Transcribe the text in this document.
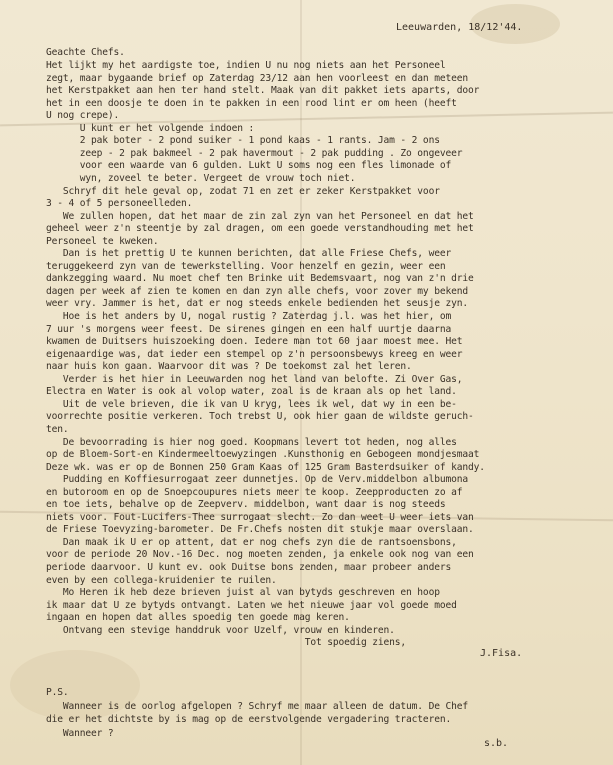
Leeuwarden, 18/12'44.
Geachte Chefs.
Het lijkt my het aardigste toe, indien U nu nog niets aan het Personeel
zegt, maar bygaande brief op Zaterdag 23/12 aan hen voorleest en dan meteen
het Kerstpakket aan hen ter hand stelt. Maak van dit pakket iets aparts, door
het in een doosje te doen in te pakken in een rood lint er om heen (heeft
U nog crepe).
U kunt er het volgende indoen :
2 pak boter - 2 pond suiker - 1 pond kaas - 1 rants. Jam - 2 ons
zeep - 2 pak bakmeel - 2 pak havermout - 2 pak pudding . Zo ongeveer
voor een waarde van 6 gulden. Lukt U soms nog een fles limonade of
wyn, zoveel te beter. Vergeet de vrouw toch niet.
Schryf dit hele geval op, zodat 71 en zet er zeker Kerstpakket voor
3 - 4 of 5 personeelleden.
We zullen hopen, dat het maar de zin zal zyn van het Personeel en dat het
geheel weer z'n steentje by zal dragen, om een goede verstandhouding met het
Personeel te kweken.
Dan is het prettig U te kunnen berichten, dat alle Friese Chefs, weer
teruggekeerd zyn van de tewerkstelling. Voor henzelf en gezin, weer een
dankzegging waard. Nu moet chef ten Brinke uit Bedemsvaart, nog van z'n drie
dagen per week af zien te komen en dan zyn alle chefs, voor zover my bekend
weer vry. Jammer is het, dat er nog steeds enkele bedienden het seusje zyn.
Hoe is het anders by U, nogal rustig ? Zaterdag j.l. was het hier, om
7 uur 's morgens weer feest. De sirenes gingen en een half uurtje daarna
kwamen de Duitsers huiszoeking doen. Iedere man tot 60 jaar moest mee. Het
eigenaardige was, dat ieder een stempel op z'n persoonsbewys kreeg en weer
naar huis kon gaan. Waarvoor dit was ? De toekomst zal het leren.
Verder is het hier in Leeuwarden nog het land van belofte. Zi Over Gas,
Electra en Water is ook al volop water, zoal is de kraan als op het land.
Uit de vele brieven, die ik van U kryg, lees ik wel, dat wy in een be-
voorrechte positie verkeren. Toch trebst U, ook hier gaan de wildste geruch-
ten.
De bevoorrading is hier nog goed. Koopmans levert tot heden, nog alles
op de Bloem-Sort-en Kindermeeltoewyzingen .Kunsthonig en Gebogeen mondjesmaat
Deze wk. was er op de Bonnen 250 Gram Kaas of 125 Gram Basterdsuiker of kandy.
Pudding en Koffiesurrogaat zeer dunnetjes. Op de Verv.middelbon albumona
en butoroom en op de Snoepcoupures niets meer te koop. Zeepproducten zo af
en toe iets, behalve op de Zeepverv. middelbon, want daar is nog steeds
niets voor. Fout-Lucifers-Thee surrogaat slecht. Zo dan weet U weer iets van
de Friese Toevyzing-barometer. De Fr.Chefs nosten dit stukje maar overslaan.
Dan maak ik U er op attent, dat er nog chefs zyn die de rantsoensbons,
voor de periode 20 Nov.-16 Dec. nog moeten zenden, ja enkele ook nog van een
periode daarvoor. U kunt ev. ook Duitse bons zenden, maar probeer anders
even by een collega-kruidenier te ruilen.
Mo Heren ik heb deze brieven juist al van bytyds geschreven en hoop
ik maar dat U ze bytyds ontvangt. Laten we het nieuwe jaar vol goede moed
ingaan en hopen dat alles spoedig ten goede mag keren.
Ontvang een stevige handdruk voor Uzelf, vrouw en kinderen.
Tot spoedig ziens,
P.S.
Wanneer is de oorlog afgelopen ? Schryf me maar alleen de datum. De Chef
die er het dichtste by is mag op de eerstvolgende vergadering tracteren.
Wanneer ?
J.Fisa.
s.b.
